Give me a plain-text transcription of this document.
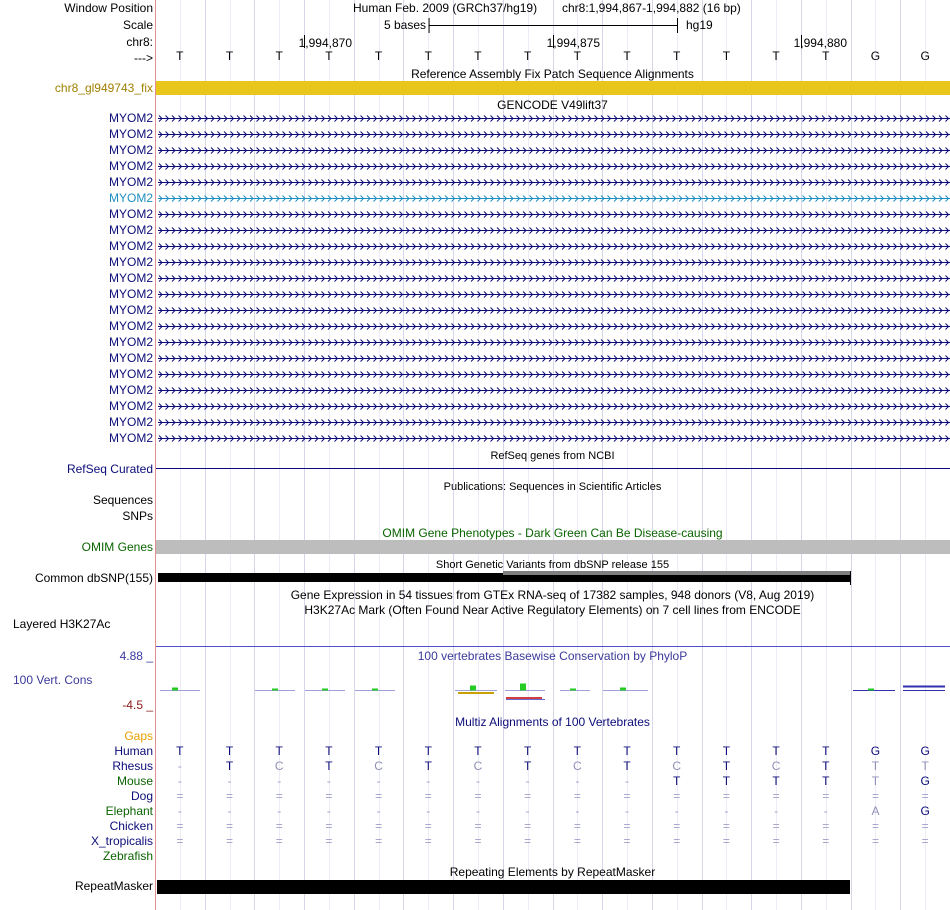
Window Position
Scale
chr8:
--->
Human Feb. 2009 (GRCh37/hg19) chr8:1,994,867-1,994,882 (16 bp)
5 bases	hg19
1,994,870	1,994,875	1,994,880
T	T	T	T	T	T	T	T	T	T	T	T	T	T	G	G
Reference Assembly Fix Patch Sequence Alignments
chr8_gl949743_fix
GENCODE V49lift37
MYOM2
MYOM2
MYOM2
MYOM2
MYOM2
MYOM2
MYOM2
MYOM2
MYOM2
MYOM2
MYOM2
MYOM2
MYOM2
MYOM2
MYOM2
MYOM2
MYOM2
MYOM2
MYOM2
MYOM2
MYOM2
RefSeq genes from NCBI
RefSeq Curated
Publications: Sequences in Scientific Articles
Sequences
SNPs
OMIM Gene Phenotypes - Dark Green Can Be Disease-causing
OMIM Genes
Short Genetic Variants from dbSNP release 155
Common dbSNP(155)
Gene Expression in 54 tissues from GTEx RNA-seq of 17382 samples, 948 donors (V8, Aug 2019)
H3K27Ac Mark (Often Found Near Active Regulatory Elements) on 7 cell lines from ENCODE
Layered H3K27Ac
4.88 _	100 vertebrates Basewise Conservation by PhyloP
100 Vert. Cons
-4.5 _
Multiz Alignments of 100 Vertebrates
Gaps
Human T	T	T	T	T	T	T	T	T	T	T	T	T	T	G	G
Rhesus	-	T	C	T	C	T	C	T	C	T	C	T	C	T	T	T
Mouse	-	-	-	-	-	-	-	-	-	-	T	T	T	T	T	G
Dog =	=	=	=	=	=	=	=	=	=	=	=	=	=	=	=
Elephant	-	-	-	-	-	-	-	-	-	-	-	-	-	-	A	G
Chicken =	=	=	=	=	=	=	=	=	=	=	=	=	=	=	=
X_tropicalis =	=	=	=	=	=	=	=	=	=	=	=	=	=	=	=
Zebrafish
Repeating Elements by RepeatMasker
RepeatMasker
